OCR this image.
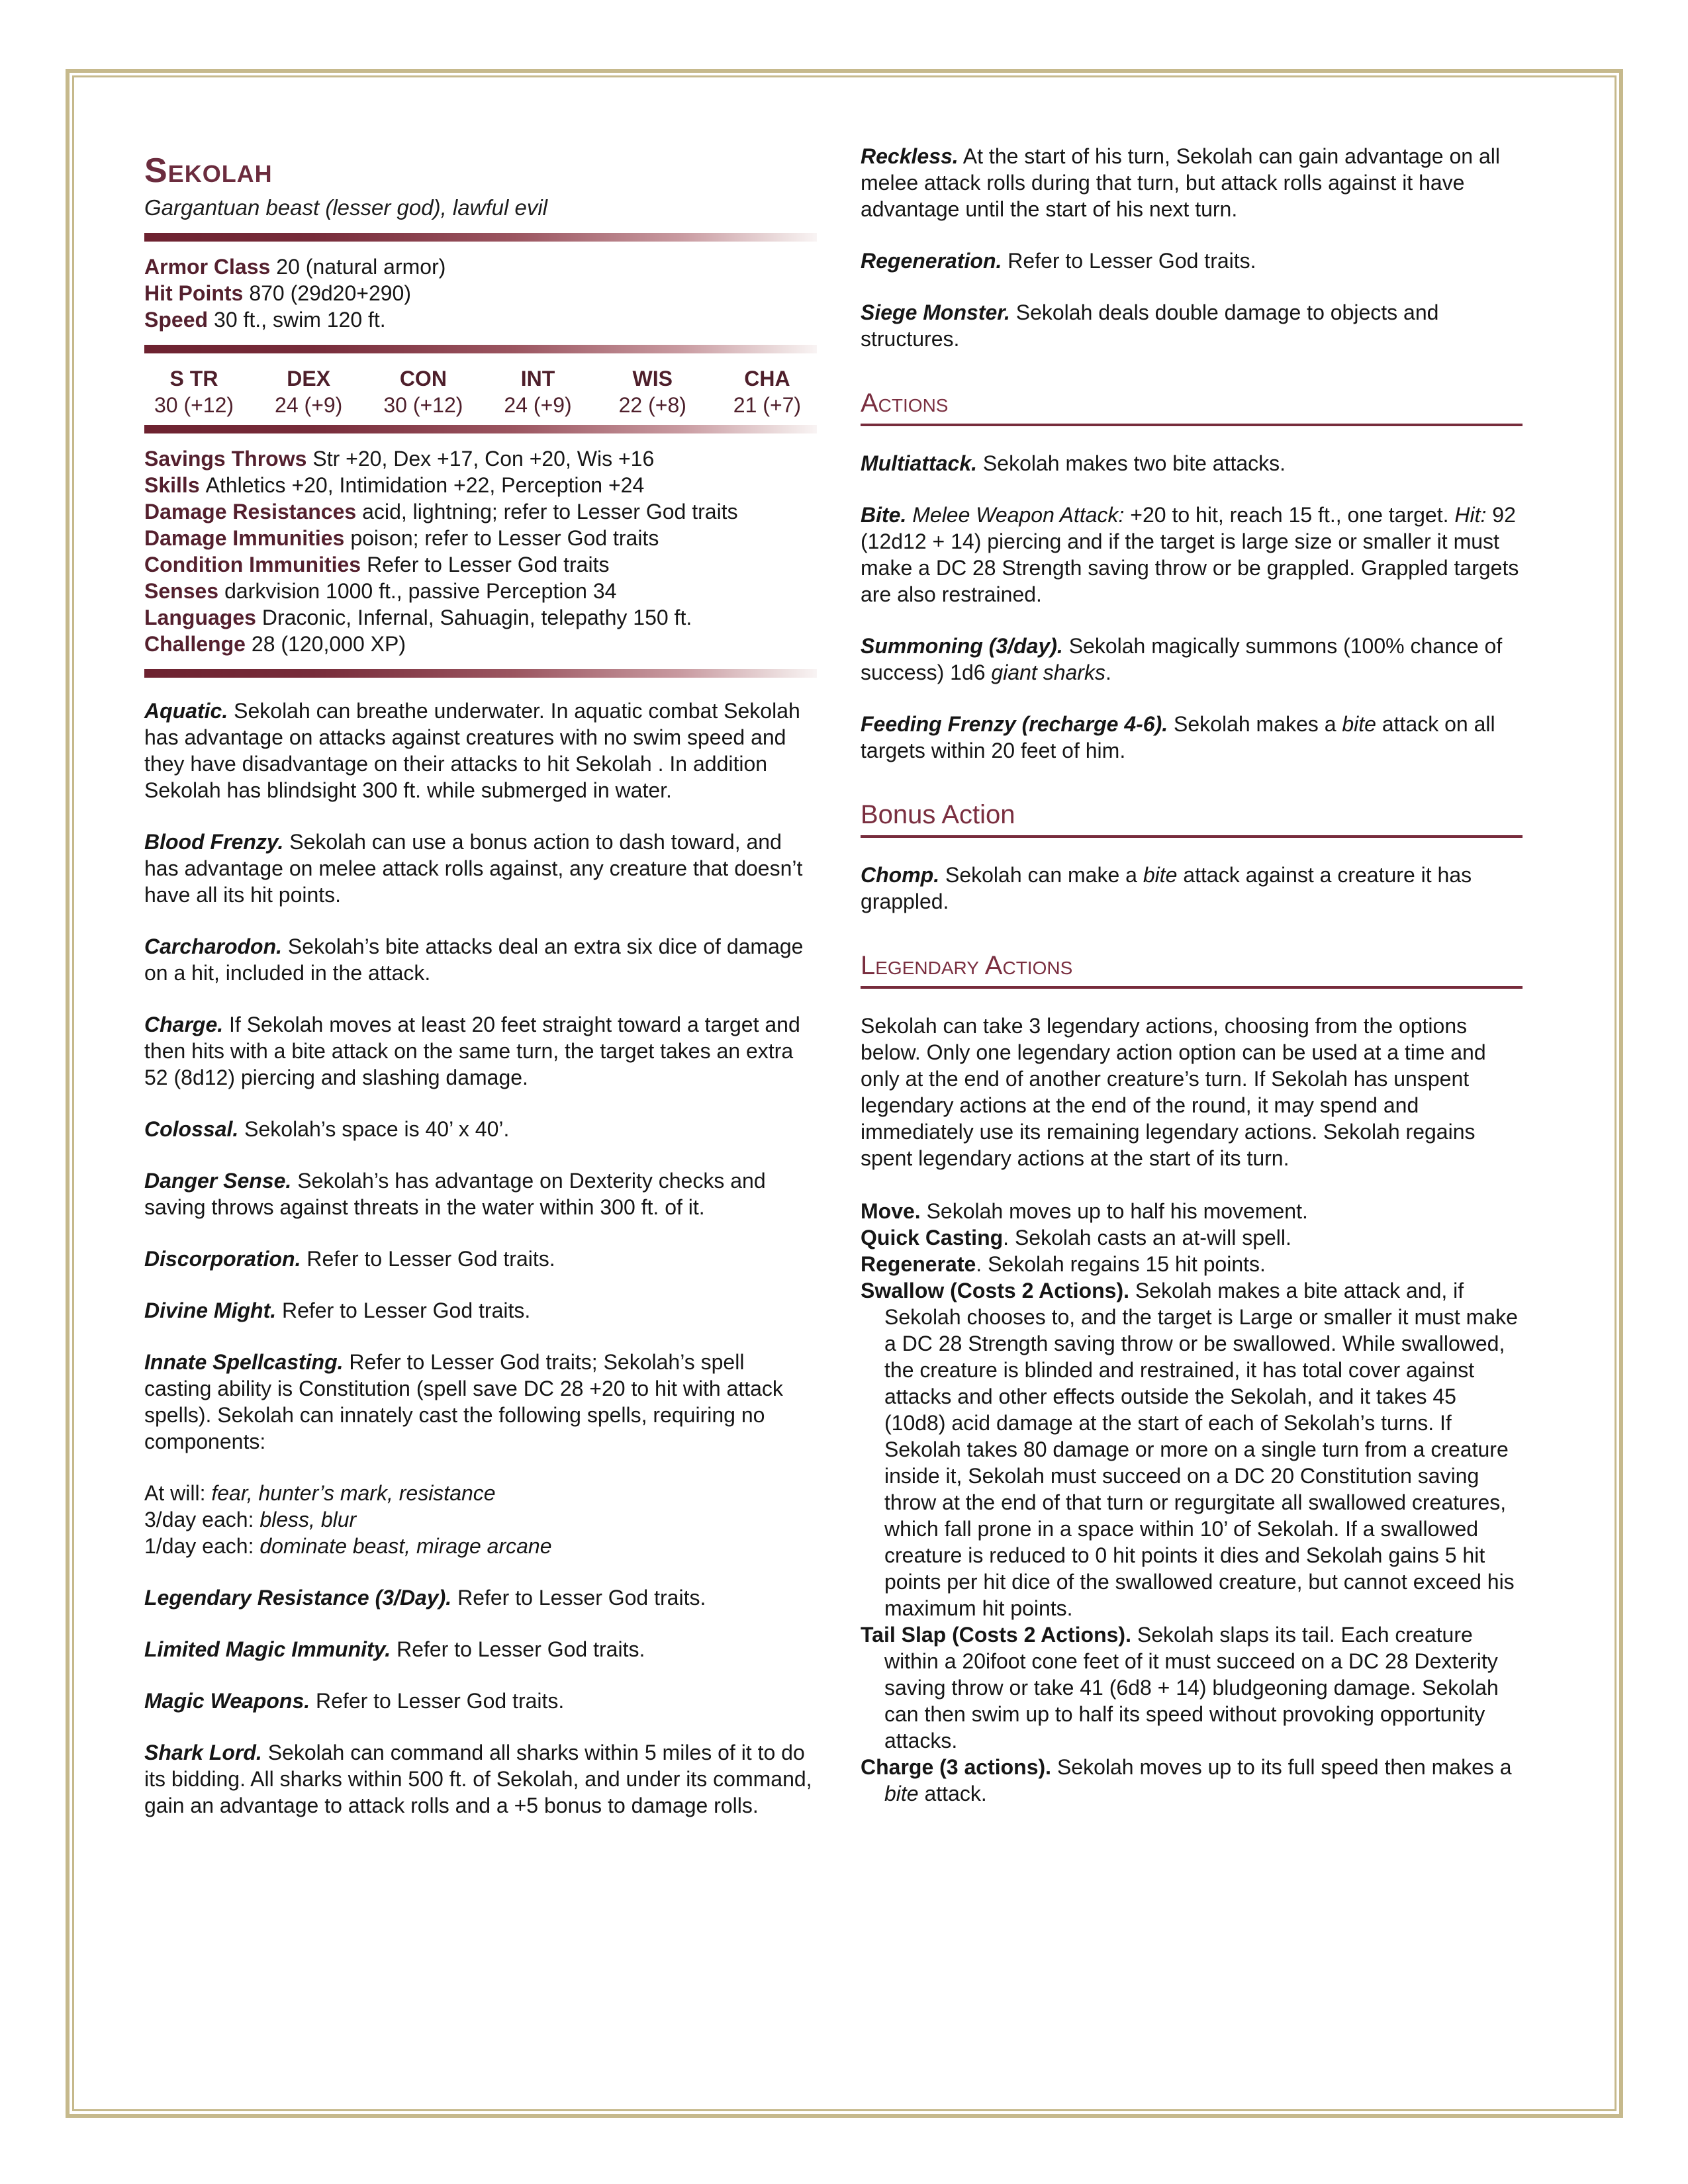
Sekolah
Gargantuan beast (lesser god), lawful evil

Armor Class 20 (natural armor)

Hit Points 870 (29d20+290)

Speed 30 ft., swim 120 ft.

S TR
30 (+12)
DEX
24 (+9)
CON
30 (+12)
INT
24 (+9)
WIS
22 (+8)
CHA
21 (+7)

Savings Throws Str +20, Dex +17, Con +20, Wis +16

Skills Athletics +20, Intimidation +22, Perception +24

Damage Resistances acid, lightning; refer to Lesser God traits

Damage Immunities poison; refer to Lesser God traits

Condition Immunities Refer to Lesser God traits

Senses darkvision 1000 ft., passive Perception 34

Languages Draconic, Infernal, Sahuagin, telepathy 150 ft.

Challenge 28 (120,000 XP)

Aquatic. Sekolah can breathe underwater. In aquatic combat Sekolah has advantage on attacks against creatures with no swim speed and they have disadvantage on their attacks to hit Sekolah . In addition Sekolah has blindsight 300 ft. while submerged in water.

Blood Frenzy. Sekolah can use a bonus action to dash toward, and has advantage on melee attack rolls against, any creature that doesn’t have all its hit points.

Carcharodon. Sekolah’s bite attacks deal an extra six dice of damage on a hit, included in the attack.

Charge. If Sekolah moves at least 20 feet straight toward a target and then hits with a bite attack on the same turn, the target takes an extra 52 (8d12) piercing and slashing damage.

Colossal. Sekolah’s space is 40’ x 40’.

Danger Sense. Sekolah’s has advantage on Dexterity checks and saving throws against threats in the water within 300 ft. of it.

Discorporation. Refer to Lesser God traits.

Divine Might. Refer to Lesser God traits.

Innate Spellcasting. Refer to Lesser God traits; Sekolah’s spell casting ability is Constitution (spell save DC 28 +20 to hit with attack spells). Sekolah can innately cast the following spells, requiring no components:

At will: fear, hunter’s mark, resistance
3/day each: bless, blur
1/day each: dominate beast, mirage arcane

Legendary Resistance (3/Day). Refer to Lesser God traits.

Limited Magic Immunity. Refer to Lesser God traits.

Magic Weapons. Refer to Lesser God traits.

Shark Lord. Sekolah can command all sharks within 5 miles of it to do its bidding. All sharks within 500 ft. of Sekolah, and under its command, gain an advantage to attack rolls and a +5 bonus to damage rolls.

Reckless. At the start of his turn, Sekolah can gain advantage on all melee attack rolls during that turn, but attack rolls against it have advantage until the start of his next turn.

Regeneration. Refer to Lesser God traits.

Siege Monster. Sekolah deals double damage to objects and structures.

Actions

Multiattack. Sekolah makes two bite attacks.

Bite. Melee Weapon Attack: +20 to hit, reach 15 ft., one target. Hit: 92 (12d12 + 14) piercing and if the target is large size or smaller it must make a DC 28 Strength saving throw or be grappled. Grappled targets are also restrained.

Summoning (3/day). Sekolah magically summons (100% chance of success) 1d6 giant sharks.

Feeding Frenzy (recharge 4-6). Sekolah makes a bite attack on all targets within 20 feet of him.

Bonus Action

Chomp. Sekolah can make a bite attack against a creature it has grappled.

Legendary Actions

Sekolah can take 3 legendary actions, choosing from the options below. Only one legendary action option can be used at a time and only at the end of another creature’s turn. If Sekolah has unspent legendary actions at the end of the round, it may spend and immediately use its remaining legendary actions. Sekolah regains spent legendary actions at the start of its turn.

Move. Sekolah moves up to half his movement.

Quick Casting. Sekolah casts an at-will spell.

Regenerate. Sekolah regains 15 hit points.

Swallow (Costs 2 Actions). Sekolah makes a bite attack and, if Sekolah chooses to, and the target is Large or smaller it must make a DC 28 Strength saving throw or be swallowed. While swallowed, the creature is blinded and restrained, it has total cover against attacks and other effects outside the Sekolah, and it takes 45 (10d8) acid damage at the start of each of Sekolah’s turns. If Sekolah takes 80 damage or more on a single turn from a creature inside it, Sekolah must succeed on a DC 20 Constitution saving throw at the end of that turn or regurgitate all swallowed creatures, which fall prone in a space within 10’ of Sekolah. If a swallowed creature is reduced to 0 hit points it dies and Sekolah gains 5 hit points per hit dice of the swallowed creature, but cannot exceed his maximum hit points.

Tail Slap (Costs 2 Actions). Sekolah slaps its tail. Each creature within a 20ifoot cone feet of it must succeed on a DC 28 Dexterity saving throw or take 41 (6d8 + 14) bludgeoning damage. Sekolah can then swim up to half its speed without provoking opportunity attacks.

Charge (3 actions). Sekolah moves up to its full speed then makes a bite attack.
